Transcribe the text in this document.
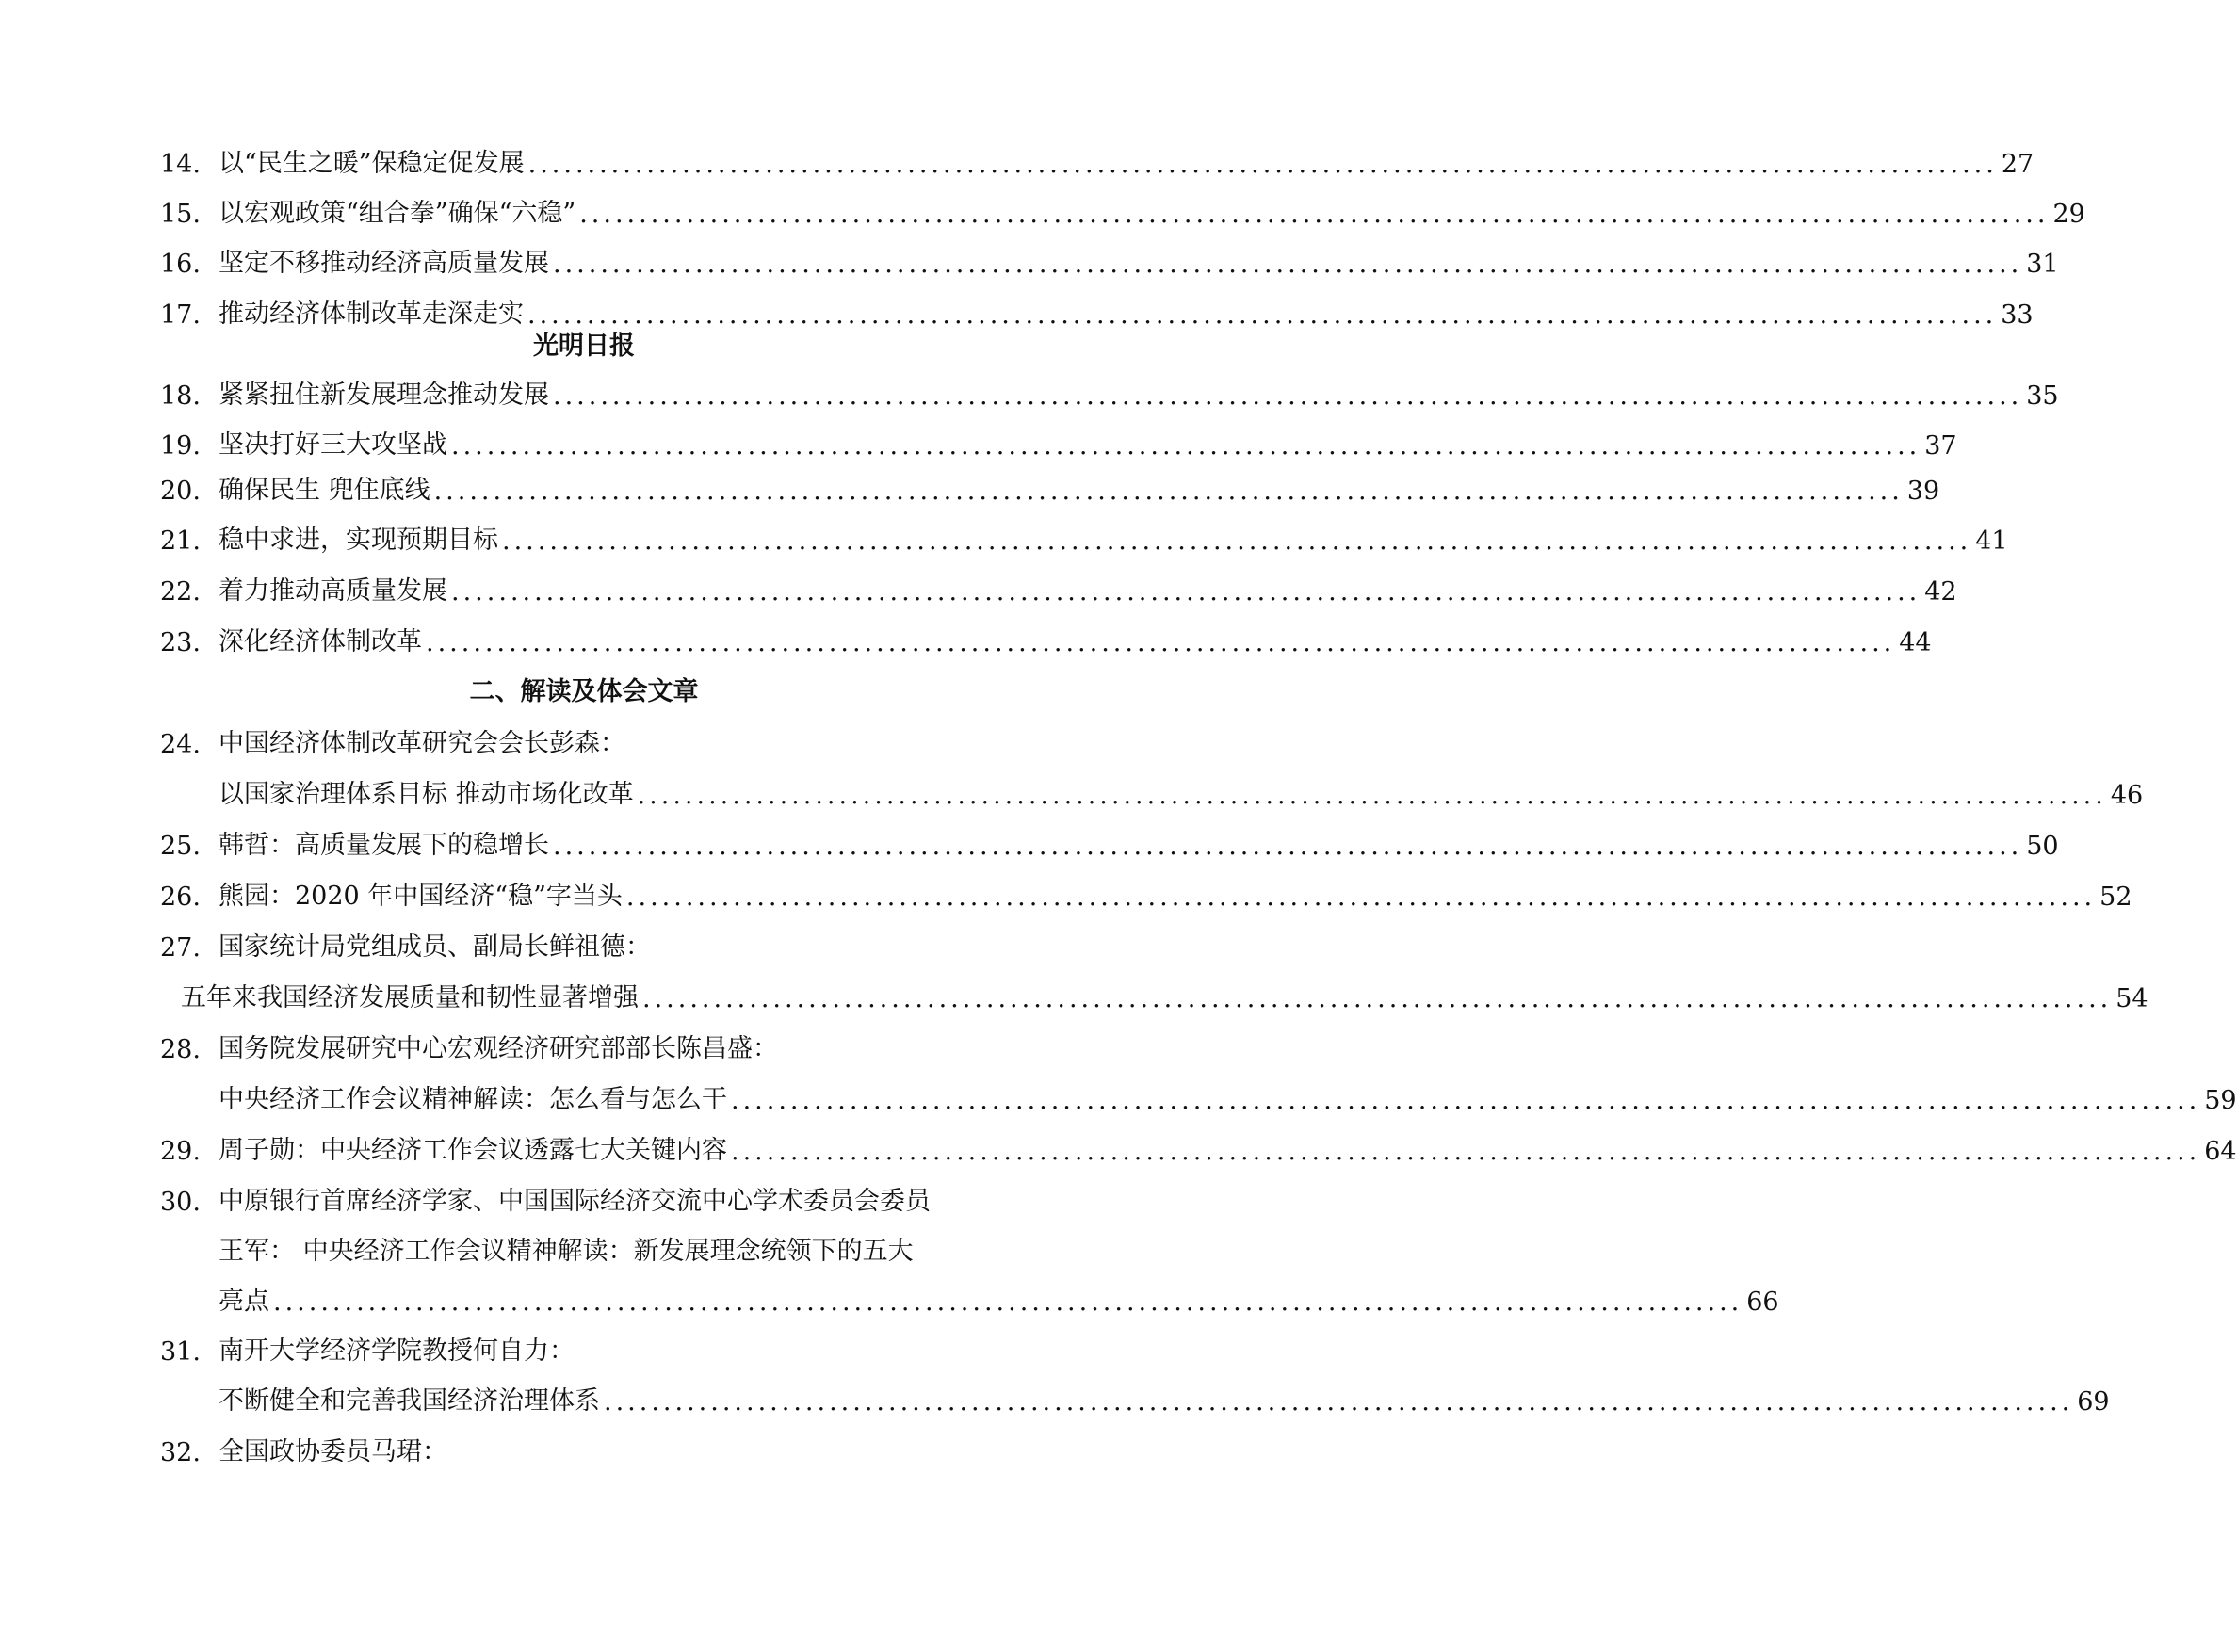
14. 以“民生之暖”保稳定促发展 ............................................................................................................................ 27
15. 以宏观政策“组合拳”确保“六稳” ............................................................................................................................ 29
16. 坚定不移推动经济高质量发展 ............................................................................................................................ 31
17. 推动经济体制改革走深走实 ............................................................................................................................ 33
光明日报
18. 紧紧扭住新发展理念推动发展 ............................................................................................................................ 35
19. 坚决打好三大攻坚战 ............................................................................................................................ 37
20. 确保民生 兜住底线 ............................................................................................................................ 39
21. 稳中求进，实现预期目标 ............................................................................................................................ 41
22. 着力推动高质量发展 ............................................................................................................................ 42
23. 深化经济体制改革 ............................................................................................................................ 44
二、解读及体会文章
24. 中国经济体制改革研究会会长彭森：
以国家治理体系目标 推动市场化改革 ............................................................................................................................ 46
25. 韩哲：高质量发展下的稳增长 ............................................................................................................................ 50
26. 熊园：2020 年中国经济“稳”字当头 ............................................................................................................................ 52
27. 国家统计局党组成员、副局长鲜祖德：
五年来我国经济发展质量和韧性显著增强 ............................................................................................................................ 54
28. 国务院发展研究中心宏观经济研究部部长陈昌盛：
中央经济工作会议精神解读：怎么看与怎么干 ............................................................................................................................ 59
29. 周子勋：中央经济工作会议透露七大关键内容 ............................................................................................................................ 64
30. 中原银行首席经济学家、中国国际经济交流中心学术委员会委员
王军： 中央经济工作会议精神解读：新发展理念统领下的五大
亮点 ............................................................................................................................ 66
31. 南开大学经济学院教授何自力：
不断健全和完善我国经济治理体系 ............................................................................................................................ 69
32. 全国政协委员马珺：
